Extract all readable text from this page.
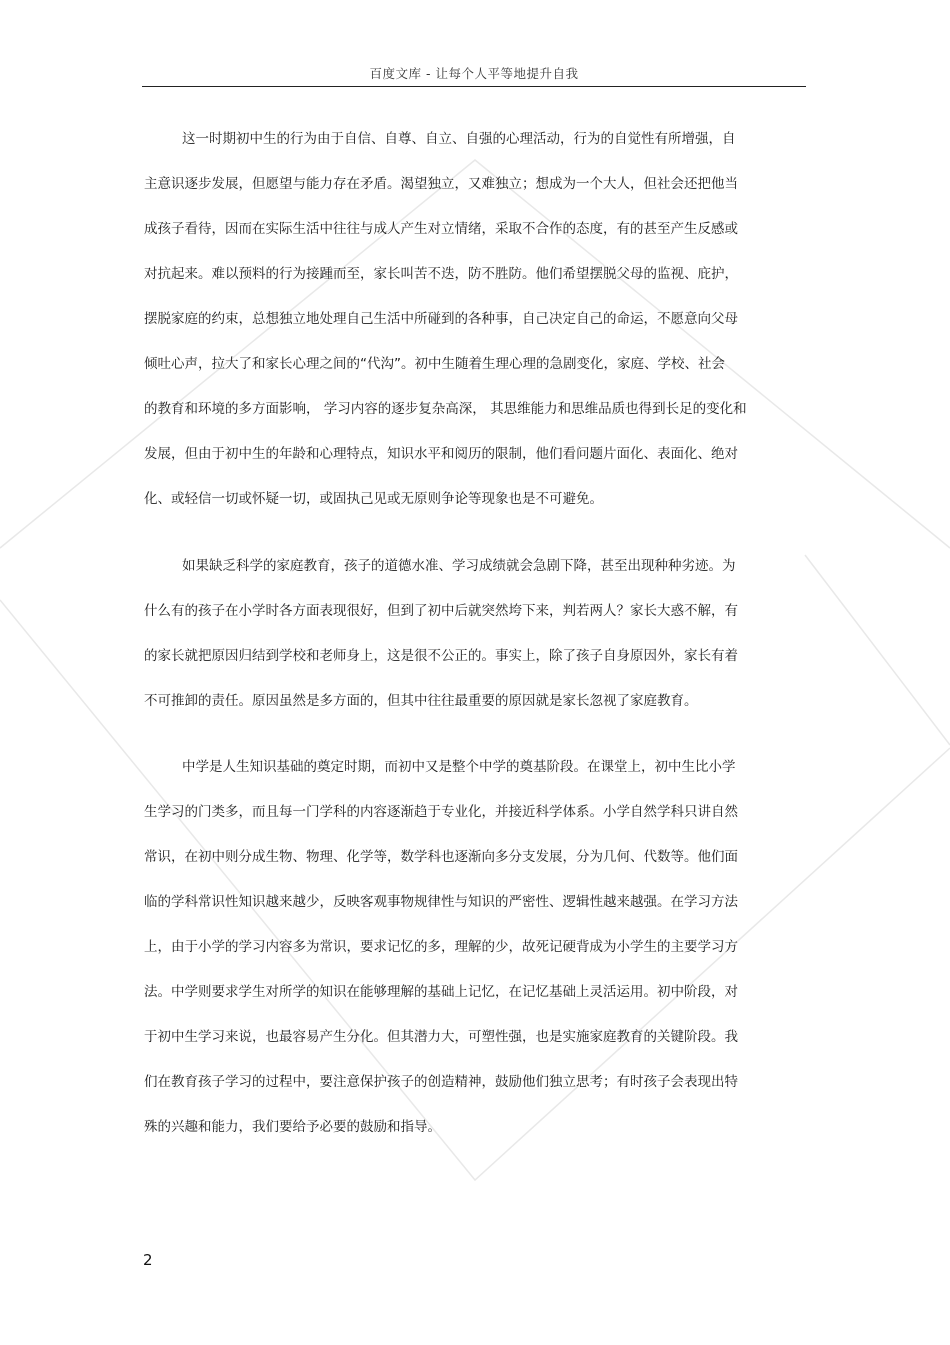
百度文库 - 让每个人平等地提升自我
这一时期初中生的行为由于自信、自尊、自立、自强的心理活动，行为的自觉性有所增强，自
主意识逐步发展，但愿望与能力存在矛盾。渴望独立，又难独立；想成为一个大人，但社会还把他当
成孩子看待，因而在实际生活中往往与成人产生对立情绪，采取不合作的态度，有的甚至产生反感或
对抗起来。难以预料的行为接踵而至，家长叫苦不迭，防不胜防。他们希望摆脱父母的监视、庇护，
摆脱家庭的约束，总想独立地处理自己生活中所碰到的各种事，自己决定自己的命运，不愿意向父母
倾吐心声，拉大了和家长心理之间的“代沟”。初中生随着生理心理的急剧变化，家庭、学校、社会
的教育和环境的多方面影响， 学习内容的逐步复杂高深， 其思维能力和思维品质也得到长足的变化和
发展，但由于初中生的年龄和心理特点，知识水平和阅历的限制，他们看问题片面化、表面化、绝对
化、或轻信一切或怀疑一切，或固执己见或无原则争论等现象也是不可避免。
如果缺乏科学的家庭教育，孩子的道德水准、学习成绩就会急剧下降，甚至出现种种劣迹。为
什么有的孩子在小学时各方面表现很好，但到了初中后就突然垮下来，判若两人？家长大惑不解，有
的家长就把原因归结到学校和老师身上，这是很不公正的。事实上，除了孩子自身原因外，家长有着
不可推卸的责任。原因虽然是多方面的，但其中往往最重要的原因就是家长忽视了家庭教育。
中学是人生知识基础的奠定时期，而初中又是整个中学的奠基阶段。在课堂上，初中生比小学
生学习的门类多，而且每一门学科的内容逐渐趋于专业化，并接近科学体系。小学自然学科只讲自然
常识，在初中则分成生物、物理、化学等，数学科也逐渐向多分支发展，分为几何、代数等。他们面
临的学科常识性知识越来越少，反映客观事物规律性与知识的严密性、逻辑性越来越强。在学习方法
上，由于小学的学习内容多为常识，要求记忆的多，理解的少，故死记硬背成为小学生的主要学习方
法。中学则要求学生对所学的知识在能够理解的基础上记忆，在记忆基础上灵活运用。初中阶段，对
于初中生学习来说，也最容易产生分化。但其潜力大，可塑性强，也是实施家庭教育的关键阶段。我
们在教育孩子学习的过程中，要注意保护孩子的创造精神，鼓励他们独立思考；有时孩子会表现出特
殊的兴趣和能力，我们要给予必要的鼓励和指导。
2
